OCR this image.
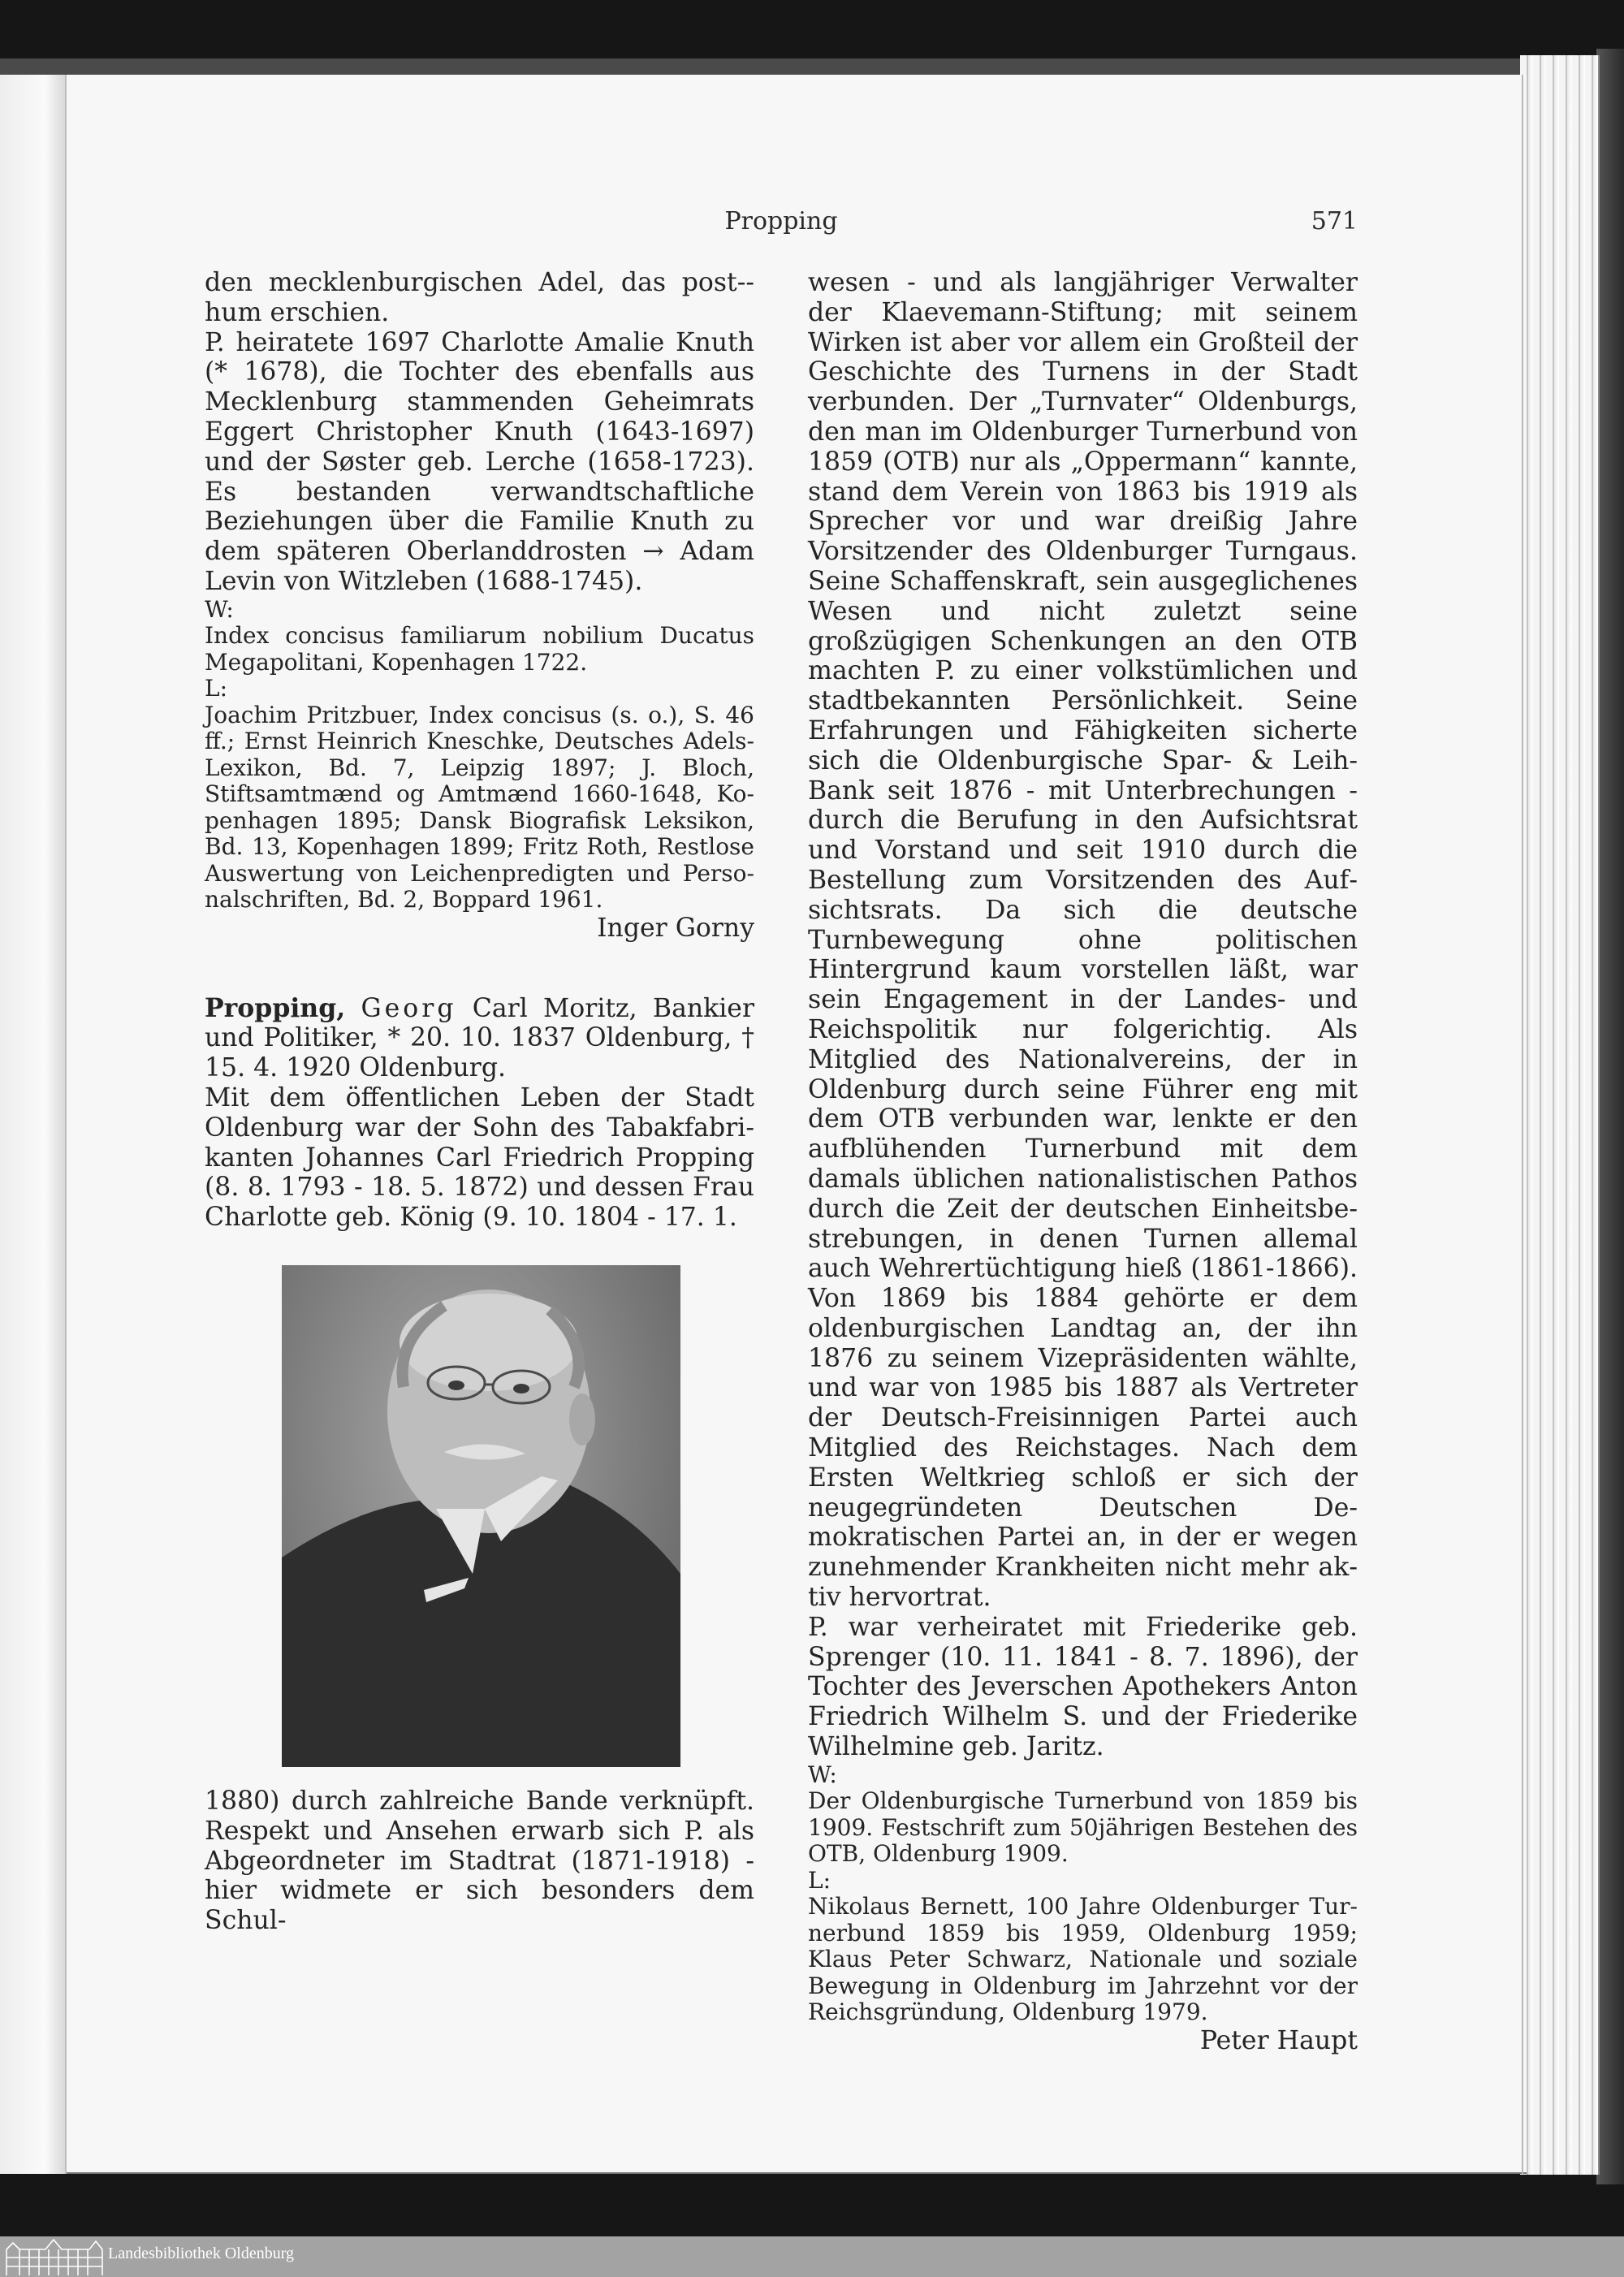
Propping	571

den mecklenburgischen Adel, das post-hum erschien.

P. heiratete 1697 Charlotte Amalie Knuth (* 1678), die Tochter des ebenfalls aus Mecklenburg stammenden Geheimrats Eggert Christopher Knuth (1643-1697) und der Søster geb. Lerche (1658-1723). Es bestanden verwandtschaftliche Beziehungen über die Familie Knuth zu dem späteren Oberlanddrosten → Adam Levin von Witzleben (1688-1745).

W:

Index concisus familiarum nobilium Ducatus Megapolitani, Kopenhagen 1722.

L:

Joachim Pritzbuer, Index concisus (s. o.), S. 46 ff.; Ernst Heinrich Kneschke, Deutsches Adels-Lexikon, Bd. 7, Leipzig 1897; J. Bloch, Stiftsamtmænd og Amtmænd 1660-1648, Kopenhagen 1895; Dansk Biografisk Leksikon, Bd. 13, Kopenhagen 1899; Fritz Roth, Restlose Auswertung von Leichenpredigten und Personalschriften, Bd. 2, Boppard 1961.

Inger Gorny

Propping, Georg Carl Moritz, Bankier und Politiker, * 20. 10. 1837 Oldenburg, † 15. 4. 1920 Oldenburg.

Mit dem öffentlichen Leben der Stadt Oldenburg war der Sohn des Tabakfabrikanten Johannes Carl Friedrich Propping (8. 8. 1793 - 18. 5. 1872) und dessen Frau Charlotte geb. König (9. 10. 1804 - 17. 1.

1880) durch zahlreiche Bande verknüpft. Respekt und Ansehen erwarb sich P. als Abgeordneter im Stadtrat (1871-1918) - hier widmete er sich besonders dem Schul-

wesen - und als langjähriger Verwalter der Klaevemann-Stiftung; mit seinem Wirken ist aber vor allem ein Großteil der Geschichte des Turnens in der Stadt verbunden. Der „Turnvater“ Oldenburgs, den man im Oldenburger Turnerbund von 1859 (OTB) nur als „Oppermann“ kannte, stand dem Verein von 1863 bis 1919 als Sprecher vor und war dreißig Jahre Vorsitzender des Oldenburger Turngaus. Seine Schaffenskraft, sein ausgeglichenes Wesen und nicht zuletzt seine großzügigen Schenkungen an den OTB machten P. zu einer volkstümlichen und stadtbekannten Persönlichkeit. Seine Erfahrungen und Fähigkeiten sicherte sich die Oldenburgische Spar- & Leih-Bank seit 1876 - mit Unterbrechungen - durch die Berufung in den Aufsichtsrat und Vorstand und seit 1910 durch die Bestellung zum Vorsitzenden des Aufsichtsrats. Da sich die deutsche Turnbewegung ohne politischen Hintergrund kaum vorstellen läßt, war sein Engagement in der Landes- und Reichspolitik nur folgerichtig. Als Mitglied des Nationalvereins, der in Oldenburg durch seine Führer eng mit dem OTB verbunden war, lenkte er den aufblühenden Turnerbund mit dem damals üblichen nationalistischen Pathos durch die Zeit der deutschen Einheitsbestrebungen, in denen Turnen allemal auch Wehrertüchtigung hieß (1861-1866). Von 1869 bis 1884 gehörte er dem oldenburgischen Landtag an, der ihn 1876 zu seinem Vizepräsidenten wählte, und war von 1985 bis 1887 als Vertreter der Deutsch-Freisinnigen Partei auch Mitglied des Reichstages. Nach dem Ersten Weltkrieg schloß er sich der neugegründeten Deutschen Demokratischen Partei an, in der er wegen zunehmender Krankheiten nicht mehr aktiv hervortrat.

P. war verheiratet mit Friederike geb. Sprenger (10. 11. 1841 - 8. 7. 1896), der Tochter des Jeverschen Apothekers Anton Friedrich Wilhelm S. und der Friederike Wilhelmine geb. Jaritz.

W:

Der Oldenburgische Turnerbund von 1859 bis 1909. Festschrift zum 50jährigen Bestehen des OTB, Oldenburg 1909.

L:

Nikolaus Bernett, 100 Jahre Oldenburger Turnerbund 1859 bis 1959, Oldenburg 1959; Klaus Peter Schwarz, Nationale und soziale Bewegung in Oldenburg im Jahrzehnt vor der Reichsgründung, Oldenburg 1979.

Peter Haupt

Landesbibliothek Oldenburg
